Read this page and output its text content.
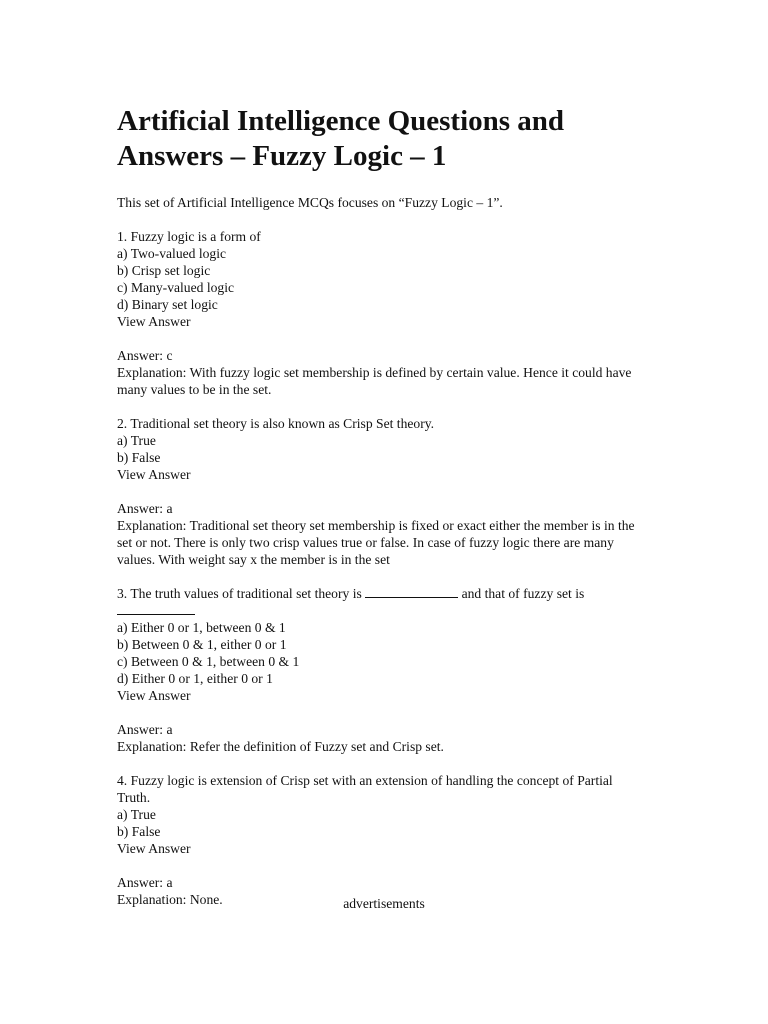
Artificial Intelligence Questions and Answers – Fuzzy Logic – 1

This set of Artificial Intelligence MCQs focuses on “Fuzzy Logic – 1”.

1. Fuzzy logic is a form of
a) Two-valued logic
b) Crisp set logic
c) Many-valued logic
d) Binary set logic
View Answer
Answer: c
Explanation: With fuzzy logic set membership is defined by certain value. Hence it could have many values to be in the set.
2. Traditional set theory is also known as Crisp Set theory.
a) True
b) False
View Answer
Answer: a
Explanation: Traditional set theory set membership is fixed or exact either the member is in the set or not. There is only two crisp values true or false. In case of fuzzy logic there are many values. With weight say x the member is in the set
3. The truth values of traditional set theory is	and that of fuzzy set is

a) Either 0 or 1, between 0 & 1
b) Between 0 & 1, either 0 or 1
c) Between 0 & 1, between 0 & 1
d) Either 0 or 1, either 0 or 1
View Answer
Answer: a
Explanation: Refer the definition of Fuzzy set and Crisp set.
4. Fuzzy logic is extension of Crisp set with an extension of handling the concept of Partial Truth.
a) True
b) False
View Answer
Answer: a
Explanation: None.	advertisements
